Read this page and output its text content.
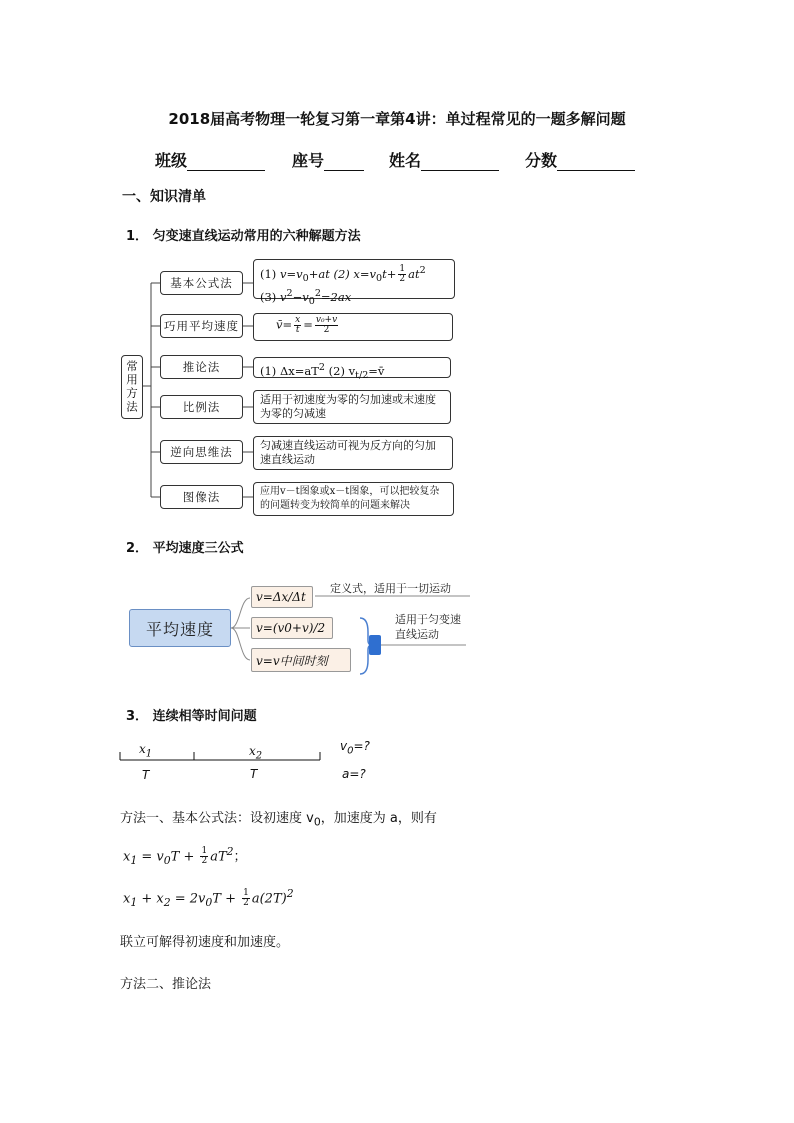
2018届高考物理一轮复习第一章第4讲：单过程常见的一题多解问题
班级	座号	姓名	分数
一、知识清单
1． 匀变速直线运动常用的六种解题方法
常用方法
基本公式法
巧用平均速度
推论法
比例法
逆向思维法
图像法
(1) $v=v_0+at$ (2) $x=v_0t+ \frac{1}{2} at^2$
(3) $v^2-v_0^2=2ax$
v̄= $\frac{x}{t} = \frac{\text{v₀+v}}{2}$
(1) $\Delta x=aT^2$ (2) $v_{t/2}=v̄$
适用于初速度为零的匀加速或末速度为零的匀减速
匀减速直线运动可视为反方向的匀加速直线运动
应用v－t图象或x－t图象，可以把较复杂的问题转变为较简单的问题来解决
2． 平均速度三公式
平均速度
v=Δx/Δt
v=(v0+v)/2
v=v中间时刻
定义式，适用于一切运动
适用于匀变速直线运动
3． 连续相等时间问题
$x_1$	$x_2$
T	T
$v_0=$?
a=?
方法一、基本公式法：设初速度 $v_0$，加速度为 a，则有
$x_1 = v_0T + \frac{1}{2} aT^2$；
$x_1 + x_2 = 2v_0T + \frac{1}{2} a(2T)^2$
联立可解得初速度和加速度。
方法二、推论法
